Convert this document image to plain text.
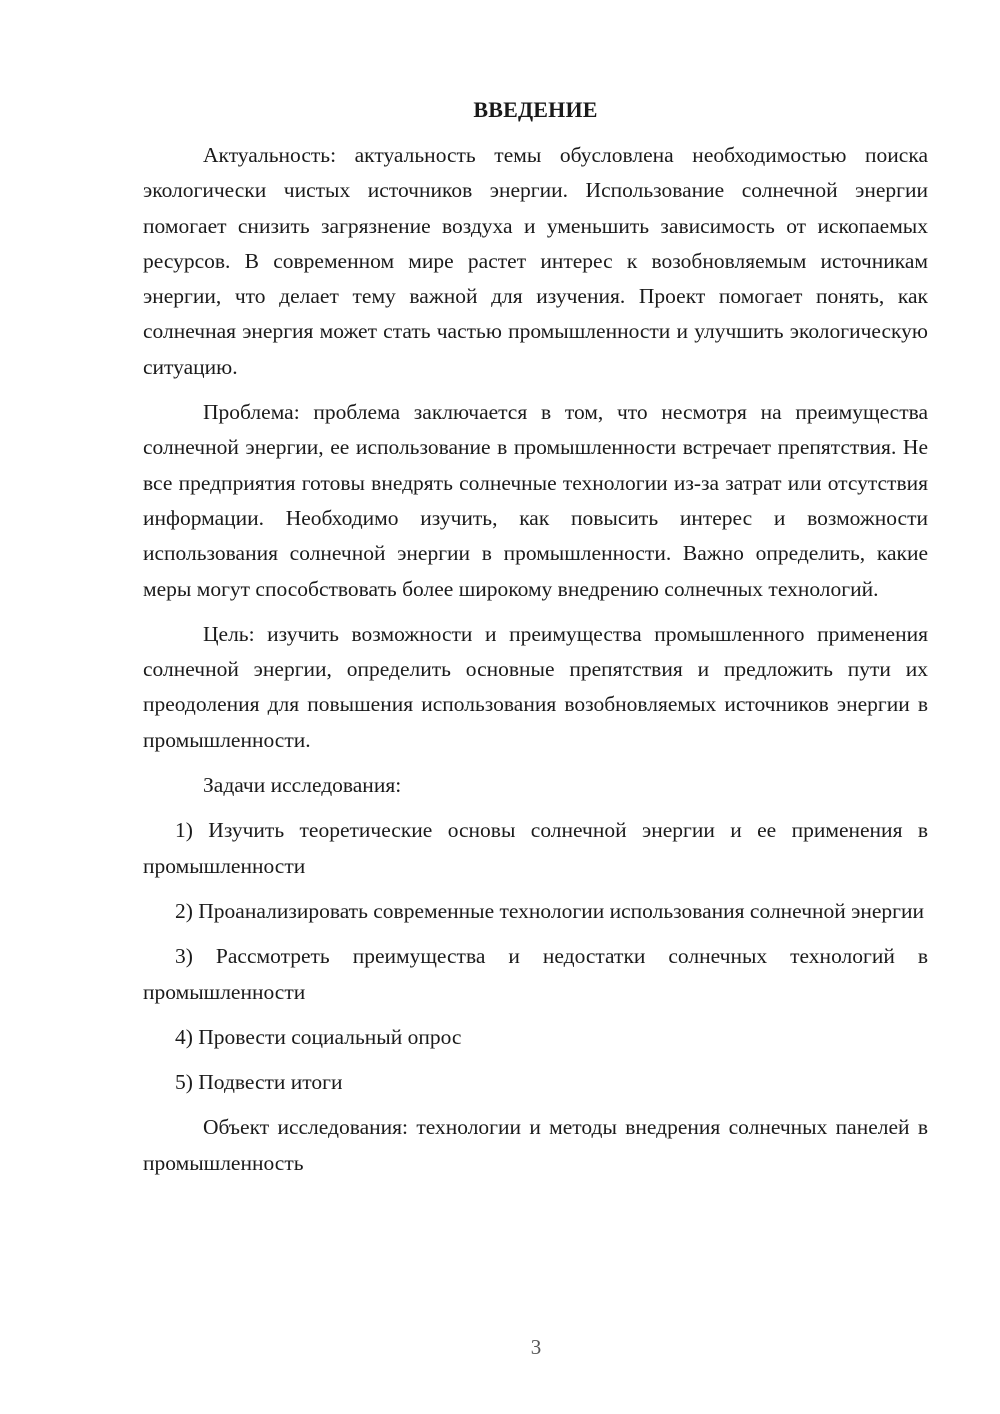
ВВЕДЕНИЕ

Актуальность: актуальность темы обусловлена необходимостью поиска экологически чистых источников энергии. Использование солнечной энергии помогает снизить загрязнение воздуха и уменьшить зависимость от ископаемых ресурсов. В современном мире растет интерес к возобновляемым источникам энергии, что делает тему важной для изучения. Проект помогает понять, как солнечная энергия может стать частью промышленности и улучшить экологическую ситуацию.

Проблема: проблема заключается в том, что несмотря на преимущества солнечной энергии, ее использование в промышленности встречает препятствия. Не все предприятия готовы внедрять солнечные технологии из-за затрат или отсутствия информации. Необходимо изучить, как повысить интерес и возможности использования солнечной энергии в промышленности. Важно определить, какие меры могут способствовать более широкому внедрению солнечных технологий.

Цель: изучить возможности и преимущества промышленного применения солнечной энергии, определить основные препятствия и предложить пути их преодоления для повышения использования возобновляемых источников энергии в промышленности.

Задачи исследования:

1) Изучить теоретические основы солнечной энергии и ее применения в промышленности

2) Проанализировать современные технологии использования солнечной энергии

3) Рассмотреть преимущества и недостатки солнечных технологий в промышленности

4) Провести социальный опрос

5) Подвести итоги

Объект исследования: технологии и методы внедрения солнечных панелей в промышленность

3
